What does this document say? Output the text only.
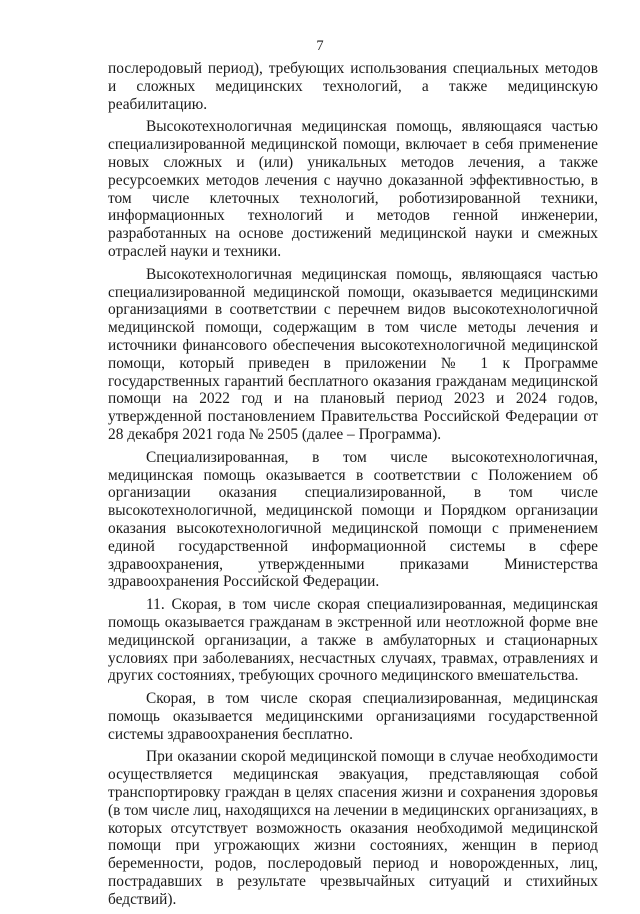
7

послеродовый период), требующих использования специальных методов и сложных медицинских технологий, а также медицинскую реабилитацию.

Высокотехнологичная медицинская помощь, являющаяся частью специализированной медицинской помощи, включает в себя применение новых сложных и (или) уникальных методов лечения, а также ресурсоемких методов лечения с научно доказанной эффективностью, в том числе клеточных технологий, роботизированной техники, информационных технологий и методов генной инженерии, разработанных на основе достижений медицинской науки и смежных отраслей науки и техники.

Высокотехнологичная медицинская помощь, являющаяся частью специализированной медицинской помощи, оказывается медицинскими организациями в соответствии с перечнем видов высокотехнологичной медицинской помощи, содержащим в том числе методы лечения и источники финансового обеспечения высокотехнологичной медицинской помощи, который приведен в приложении № 1 к Программе государственных гарантий бесплатного оказания гражданам медицинской помощи на 2022 год и на плановый период 2023 и 2024 годов, утвержденной постановлением Правительства Российской Федерации от 28 декабря 2021 года № 2505 (далее – Программа).

Специализированная, в том числе высокотехнологичная, медицинская помощь оказывается в соответствии с Положением об организации оказания специализированной, в том числе высокотехнологичной, медицинской помощи и Порядком организации оказания высокотехнологичной медицинской помощи с применением единой государственной информационной системы в сфере здравоохранения, утвержденными приказами Министерства здравоохранения Российской Федерации.

11. Скорая, в том числе скорая специализированная, медицинская помощь оказывается гражданам в экстренной или неотложной форме вне медицинской организации, а также в амбулаторных и стационарных условиях при заболеваниях, несчастных случаях, травмах, отравлениях и других состояниях, требующих срочного медицинского вмешательства.

Скорая, в том числе скорая специализированная, медицинская помощь оказывается медицинскими организациями государственной системы здравоохранения бесплатно.

При оказании скорой медицинской помощи в случае необходимости осуществляется медицинская эвакуация, представляющая собой транспортировку граждан в целях спасения жизни и сохранения здоровья (в том числе лиц, находящихся на лечении в медицинских организациях, в которых отсутствует возможность оказания необходимой медицинской помощи при угрожающих жизни состояниях, женщин в период беременности, родов, послеродовый период и новорожденных, лиц, пострадавших в результате чрезвычайных ситуаций и стихийных бедствий).
